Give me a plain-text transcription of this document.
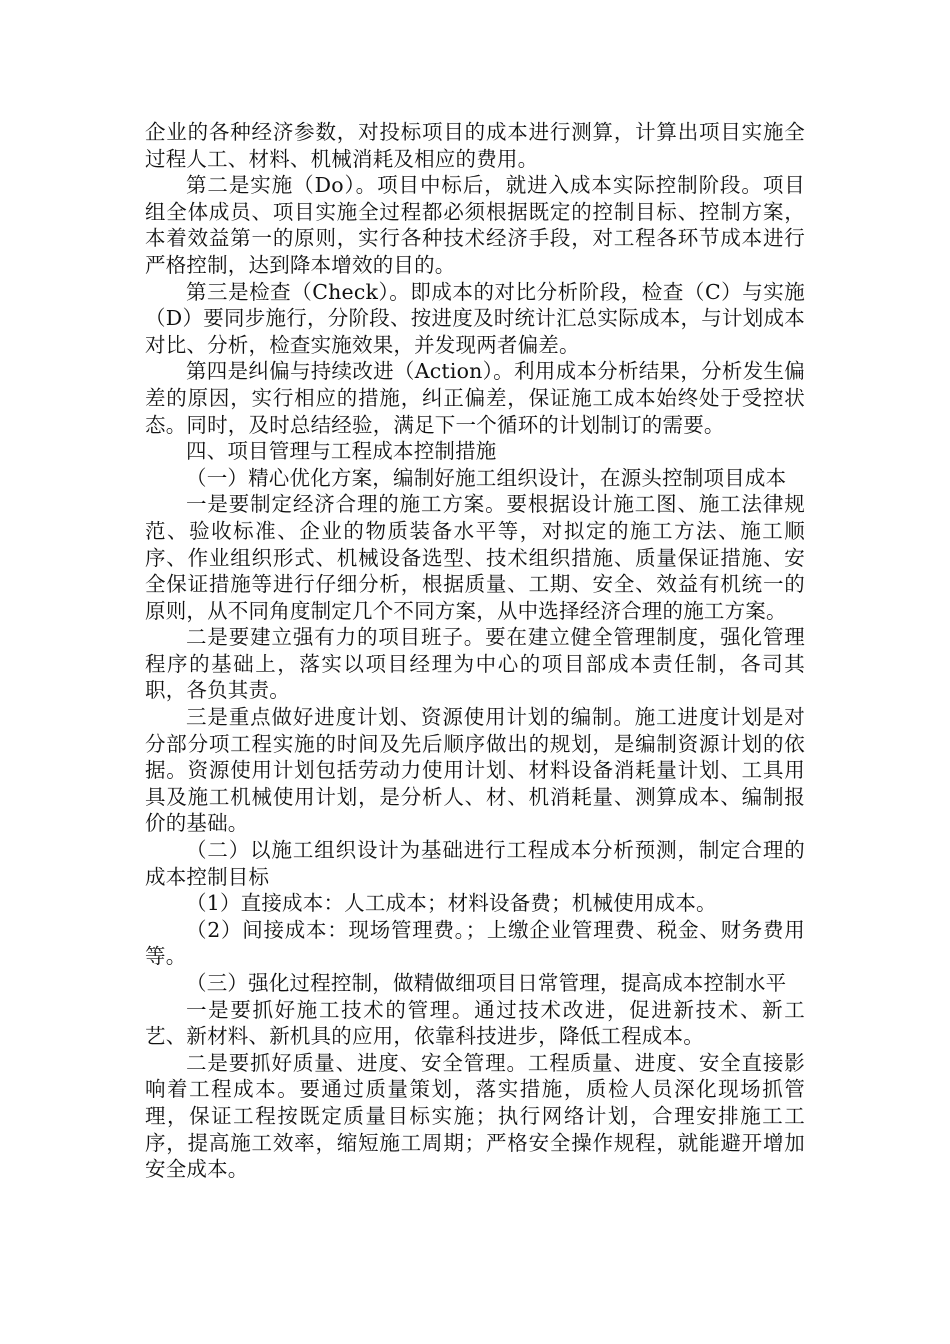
企业的各种经济参数，对投标项目的成本进行测算，计算出项目实施全过程人工、材料、机械消耗及相应的费用。

第二是实施（Do）。项目中标后，就进入成本实际控制阶段。项目组全体成员、项目实施全过程都必须根据既定的控制目标、控制方案，本着效益第一的原则，实行各种技术经济手段，对工程各环节成本进行严格控制，达到降本增效的目的。

第三是检查（Check）。即成本的对比分析阶段，检查（C）与实施（D）要同步施行，分阶段、按进度及时统计汇总实际成本，与计划成本对比、分析，检查实施效果，并发现两者偏差。

第四是纠偏与持续改进（Action）。利用成本分析结果，分析发生偏差的原因，实行相应的措施，纠正偏差，保证施工成本始终处于受控状态。同时，及时总结经验，满足下一个循环的计划制订的需要。

四、项目管理与工程成本控制措施

（一）精心优化方案，编制好施工组织设计，在源头控制项目成本

一是要制定经济合理的施工方案。要根据设计施工图、施工法律规范、验收标准、企业的物质装备水平等，对拟定的施工方法、施工顺序、作业组织形式、机械设备选型、技术组织措施、质量保证措施、安全保证措施等进行仔细分析，根据质量、工期、安全、效益有机统一的原则，从不同角度制定几个不同方案，从中选择经济合理的施工方案。

二是要建立强有力的项目班子。要在建立健全管理制度，强化管理程序的基础上，落实以项目经理为中心的项目部成本责任制，各司其职，各负其责。

三是重点做好进度计划、资源使用计划的编制。施工进度计划是对分部分项工程实施的时间及先后顺序做出的规划，是编制资源计划的依据。资源使用计划包括劳动力使用计划、材料设备消耗量计划、工具用具及施工机械使用计划，是分析人、材、机消耗量、测算成本、编制报价的基础。

（二）以施工组织设计为基础进行工程成本分析预测，制定合理的成本控制目标

（1）直接成本：人工成本；材料设备费；机械使用成本。

（2）间接成本：现场管理费。；上缴企业管理费、税金、财务费用等。

（三）强化过程控制，做精做细项目日常管理，提高成本控制水平

一是要抓好施工技术的管理。通过技术改进，促进新技术、新工艺、新材料、新机具的应用，依靠科技进步，降低工程成本。

二是要抓好质量、进度、安全管理。工程质量、进度、安全直接影响着工程成本。要通过质量策划，落实措施，质检人员深化现场抓管理，保证工程按既定质量目标实施；执行网络计划，合理安排施工工序，提高施工效率，缩短施工周期；严格安全操作规程，就能避开增加安全成本。
